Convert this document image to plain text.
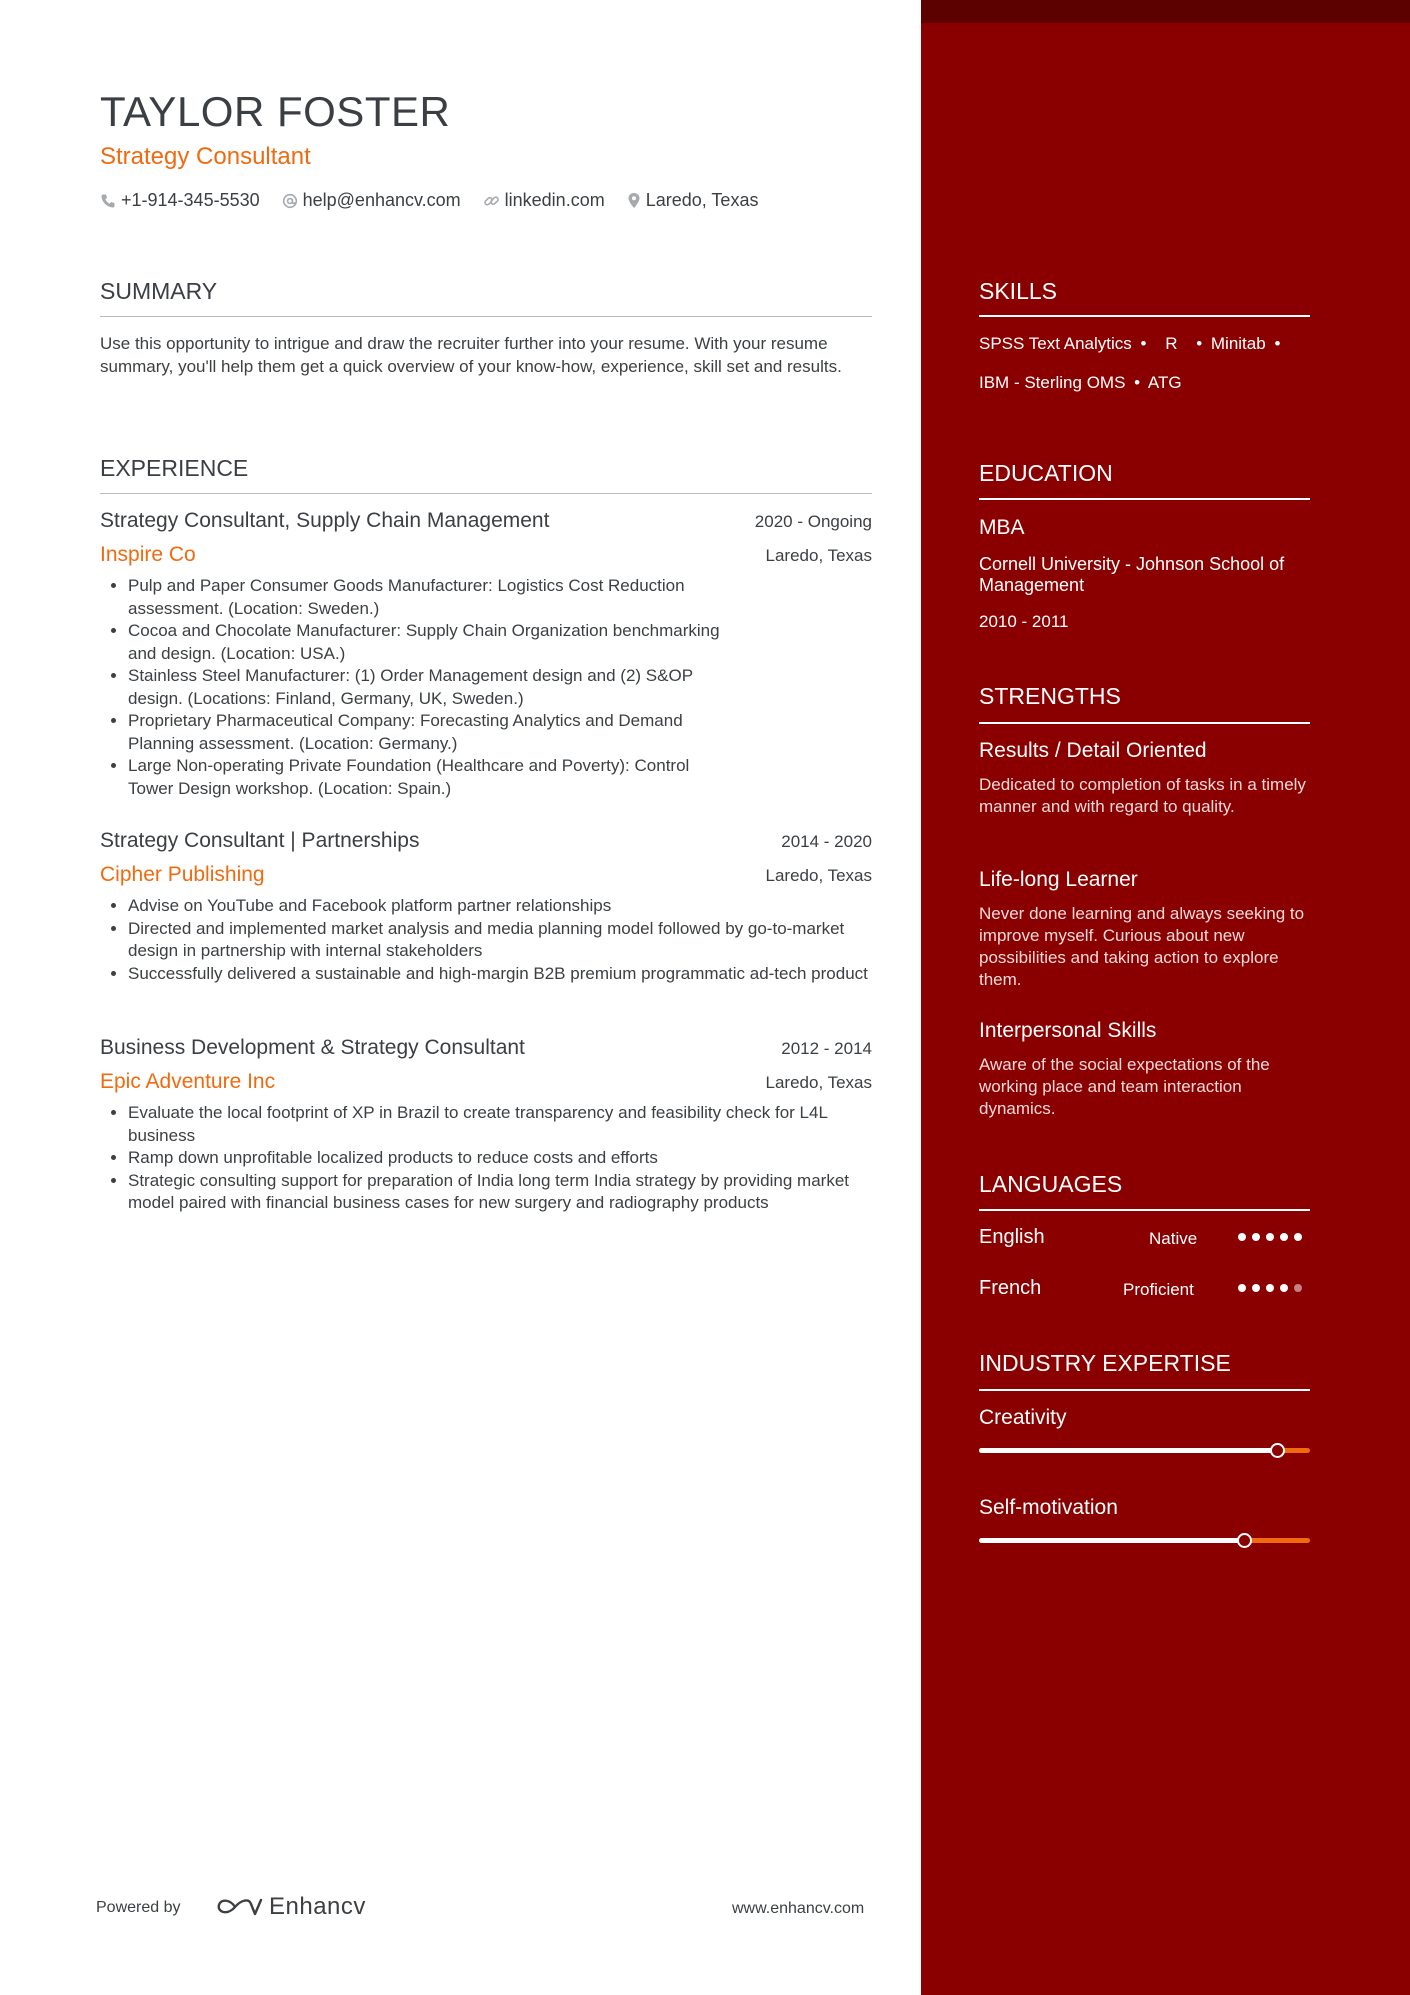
TAYLOR FOSTER
Strategy Consultant
+1-914-345-5530 help@enhancv.com linkedin.com Laredo, Texas
SUMMARY
Use this opportunity to intrigue and draw the recruiter further into your resume. With your resume summary, you'll help them get a quick overview of your know-how, experience, skill set and results.
EXPERIENCE
Strategy Consultant, Supply Chain Management	2020 - Ongoing
Inspire Co	Laredo, Texas
• Pulp and Paper Consumer Goods Manufacturer: Logistics Cost Reduction assessment. (Location: Sweden.)
• Cocoa and Chocolate Manufacturer: Supply Chain Organization benchmarking and design. (Location: USA.)
• Stainless Steel Manufacturer: (1) Order Management design and (2) S&OP design. (Locations: Finland, Germany, UK, Sweden.)
• Proprietary Pharmaceutical Company: Forecasting Analytics and Demand Planning assessment. (Location: Germany.)
• Large Non-operating Private Foundation (Healthcare and Poverty): Control Tower Design workshop. (Location: Spain.)
Strategy Consultant | Partnerships	2014 - 2020
Cipher Publishing	Laredo, Texas
• Advise on YouTube and Facebook platform partner relationships
• Directed and implemented market analysis and media planning model followed by go-to-market design in partnership with internal stakeholders
• Successfully delivered a sustainable and high-margin B2B premium programmatic ad-tech product
Business Development & Strategy Consultant	2012 - 2014
Epic Adventure Inc	Laredo, Texas
• Evaluate the local footprint of XP in Brazil to create transparency and feasibility check for L4L business
• Ramp down unprofitable localized products to reduce costs and efforts
• Strategic consulting support for preparation of India long term India strategy by providing market model paired with financial business cases for new surgery and radiography products
Powered by	Enhancv	www.enhancv.com
SKILLS
SPSS Text Analytics • R • Minitab •
IBM - Sterling OMS • ATG
EDUCATION
MBA
Cornell University - Johnson School of Management
2010 - 2011
STRENGTHS
Results / Detail Oriented
Dedicated to completion of tasks in a timely manner and with regard to quality.
Life-long Learner
Never done learning and always seeking to improve myself. Curious about new possibilities and taking action to explore them.
Interpersonal Skills
Aware of the social expectations of the working place and team interaction dynamics.
LANGUAGES
English	Native
French	Proficient
INDUSTRY EXPERTISE
Creativity
Self-motivation
